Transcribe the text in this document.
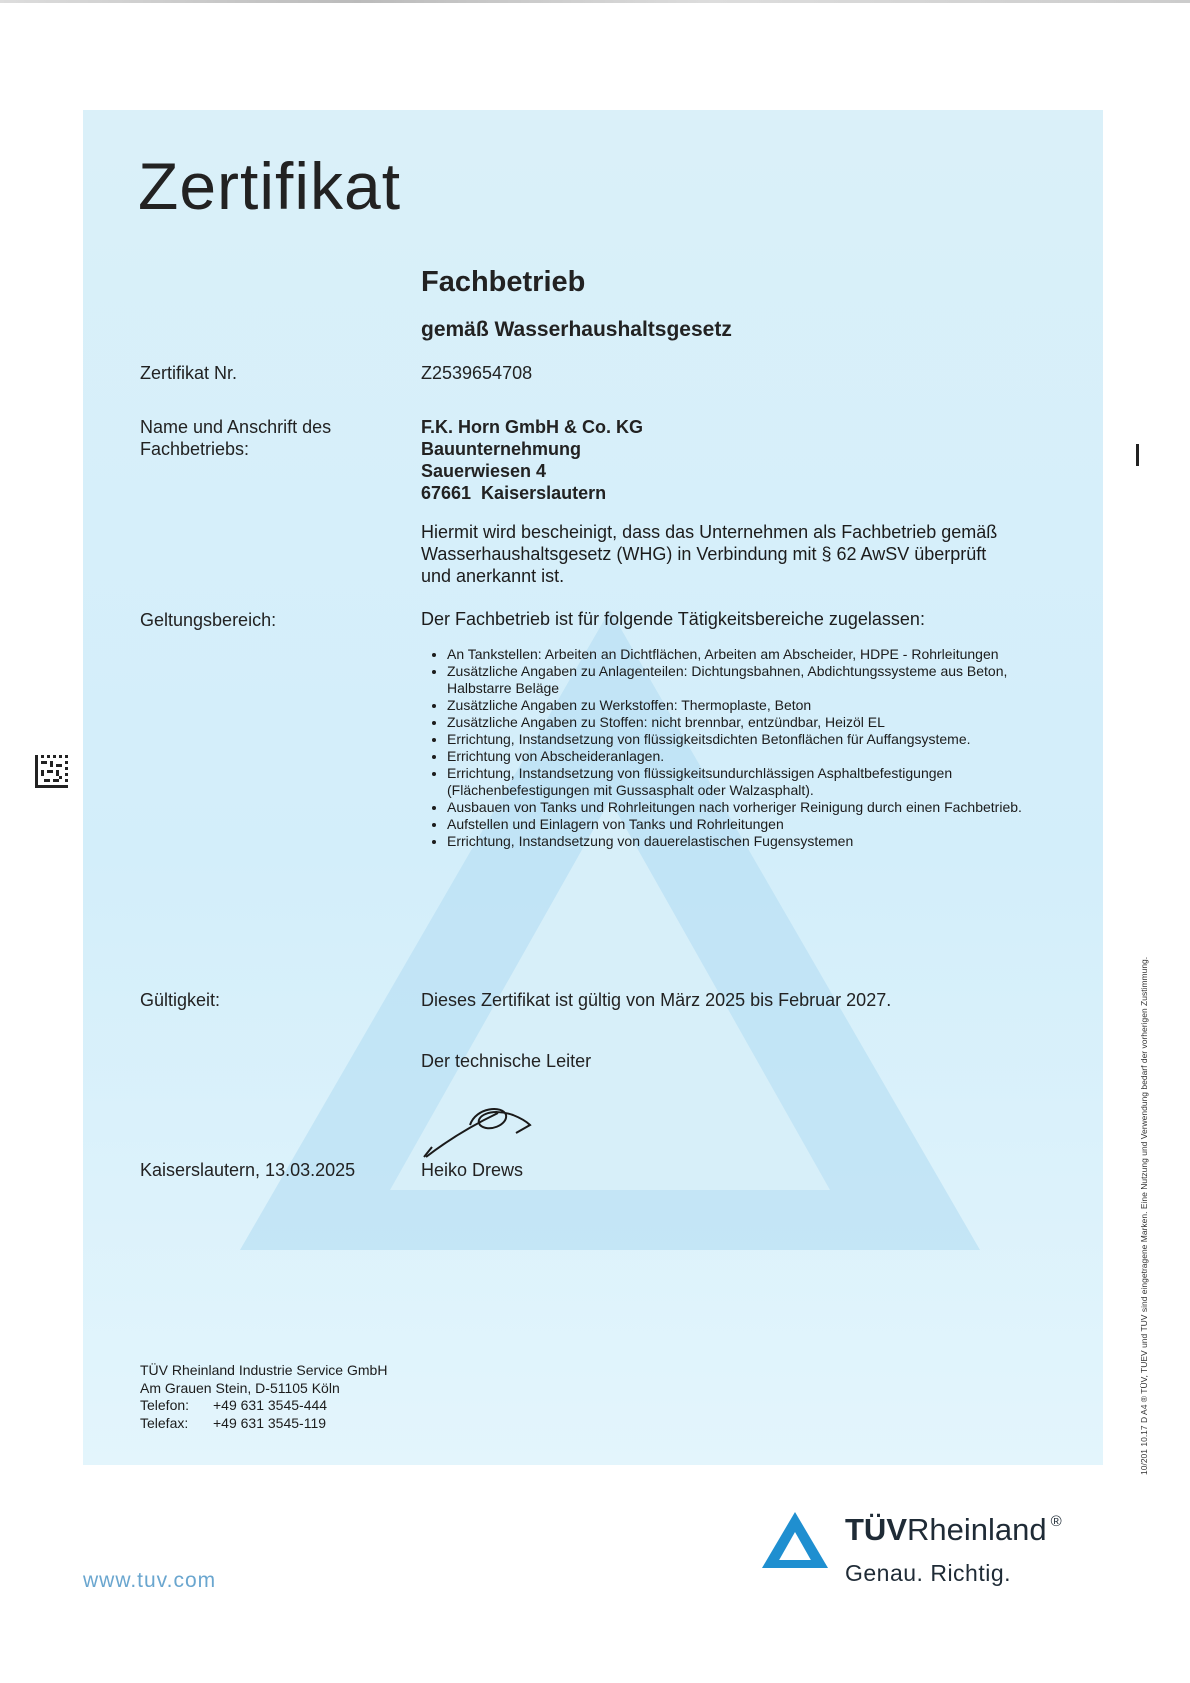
Zertifikat
Fachbetrieb
gemäß Wasserhaushaltsgesetz
Zertifikat Nr.	Z2539654708
Name und Anschrift des
Fachbetriebs:
F.K. Horn GmbH & Co. KG
Bauunternehmung
Sauerwiesen 4
67661  Kaiserslautern
Hiermit wird bescheinigt, dass das Unternehmen als Fachbetrieb gemäß Wasserhaushaltsgesetz (WHG) in Verbindung mit § 62 AwSV überprüft und anerkannt ist.
Geltungsbereich:	Der Fachbetrieb ist für folgende Tätigkeitsbereiche zugelassen:
• An Tankstellen: Arbeiten an Dichtflächen, Arbeiten am Abscheider, HDPE - Rohrleitungen
• Zusätzliche Angaben zu Anlagenteilen: Dichtungsbahnen, Abdichtungssysteme aus Beton, Halbstarre Beläge
• Zusätzliche Angaben zu Werkstoffen: Thermoplaste, Beton
• Zusätzliche Angaben zu Stoffen: nicht brennbar, entzündbar, Heizöl EL
• Errichtung, Instandsetzung von flüssigkeitsdichten Betonflächen für Auffangsysteme.
• Errichtung von Abscheideranlagen.
• Errichtung, Instandsetzung von flüssigkeitsundurchlässigen Asphaltbefestigungen (Flächenbefestigungen mit Gussasphalt oder Walzasphalt).
• Ausbauen von Tanks und Rohrleitungen nach vorheriger Reinigung durch einen Fachbetrieb.
• Aufstellen und Einlagern von Tanks und Rohrleitungen
• Errichtung, Instandsetzung von dauerelastischen Fugensystemen
Gültigkeit:	Dieses Zertifikat ist gültig von März 2025 bis Februar 2027.
Der technische Leiter
Kaiserslautern, 13.03.2025	Heiko Drews
TÜV Rheinland Industrie Service GmbH
Am Grauen Stein, D-51105 Köln
Telefon: +49 631 3545-444
Telefax: +49 631 3545-119
www.tuv.com
TÜVRheinland ®
Genau. Richtig.
10/201 10.17 D A4 ® TÜV, TUEV und TUV sind eingetragene Marken. Eine Nutzung und Verwendung bedarf der vorherigen Zustimmung.
